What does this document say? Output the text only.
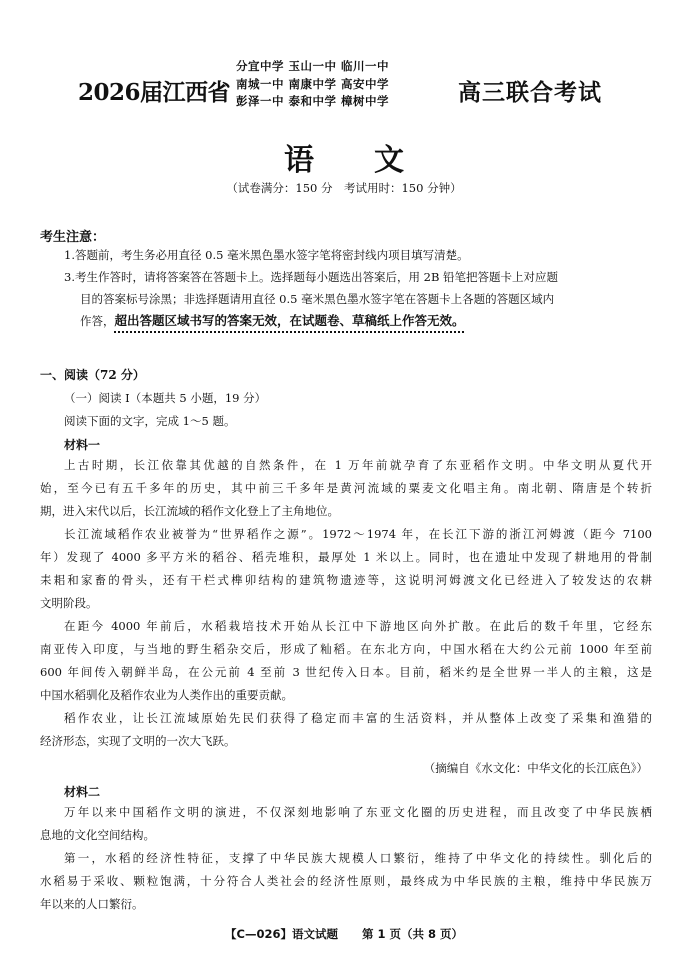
2026届江西省
分宜中学 玉山一中 临川一中
南城一中 南康中学 高安中学
彭泽一中 泰和中学 樟树中学	高三联合考试
语文
（试卷满分：150 分　考试用时：150 分钟）
考生注意：
1.答题前，考生务必用直径 0.5 毫米黑色墨水签字笔将密封线内项目填写清楚。
3.考生作答时，请将答案答在答题卡上。选择题每小题选出答案后，用 2B 铅笔把答题卡上对应题
目的答案标号涂黑；非选择题请用直径 0.5 毫米黑色墨水签字笔在答题卡上各题的答题区域内
作答，超出答题区域书写的答案无效，在试题卷、草稿纸上作答无效。
一、阅读（72 分）
（一）阅读 Ⅰ（本题共 5 小题，19 分）
阅读下面的文字，完成 1～5 题。
材料一
上古时期，长江依靠其优越的自然条件，在 1 万年前就孕育了东亚稻作文明。中华文明从夏代开
始，至今已有五千多年的历史，其中前三千多年是黄河流域的粟麦文化唱主角。南北朝、隋唐是个转折
期，进入宋代以后，长江流域的稻作文化登上了主角地位。
长江流域稻作农业被誉为“世界稻作之源”。1972～1974 年，在长江下游的浙江河姆渡（距今 7100
年）发现了 4000 多平方米的稻谷、稻壳堆积，最厚处 1 米以上。同时，也在遗址中发现了耕地用的骨制
耒耜和家畜的骨头，还有干栏式榫卯结构的建筑物遗迹等，这说明河姆渡文化已经进入了较发达的农耕
文明阶段。
在距今 4000 年前后，水稻栽培技术开始从长江中下游地区向外扩散。在此后的数千年里，它经东
南亚传入印度，与当地的野生稻杂交后，形成了籼稻。在东北方向，中国水稻在大约公元前 1000 年至前
600 年间传入朝鲜半岛，在公元前 4 至前 3 世纪传入日本。目前，稻米约是全世界一半人的主粮，这是
中国水稻驯化及稻作农业为人类作出的重要贡献。
稻作农业，让长江流域原始先民们获得了稳定而丰富的生活资料，并从整体上改变了采集和渔猎的
经济形态，实现了文明的一次大飞跃。
（摘编自《水文化：中华文化的长江底色》）
材料二
万年以来中国稻作文明的演进，不仅深刻地影响了东亚文化圈的历史进程，而且改变了中华民族栖
息地的文化空间结构。
第一，水稻的经济性特征，支撑了中华民族大规模人口繁衍，维持了中华文化的持续性。驯化后的
水稻易于采收、颗粒饱满，十分符合人类社会的经济性原则，最终成为中华民族的主粮，维持中华民族万
年以来的人口繁衍。
【C—026】语文试题 第 1 页（共 8 页）
